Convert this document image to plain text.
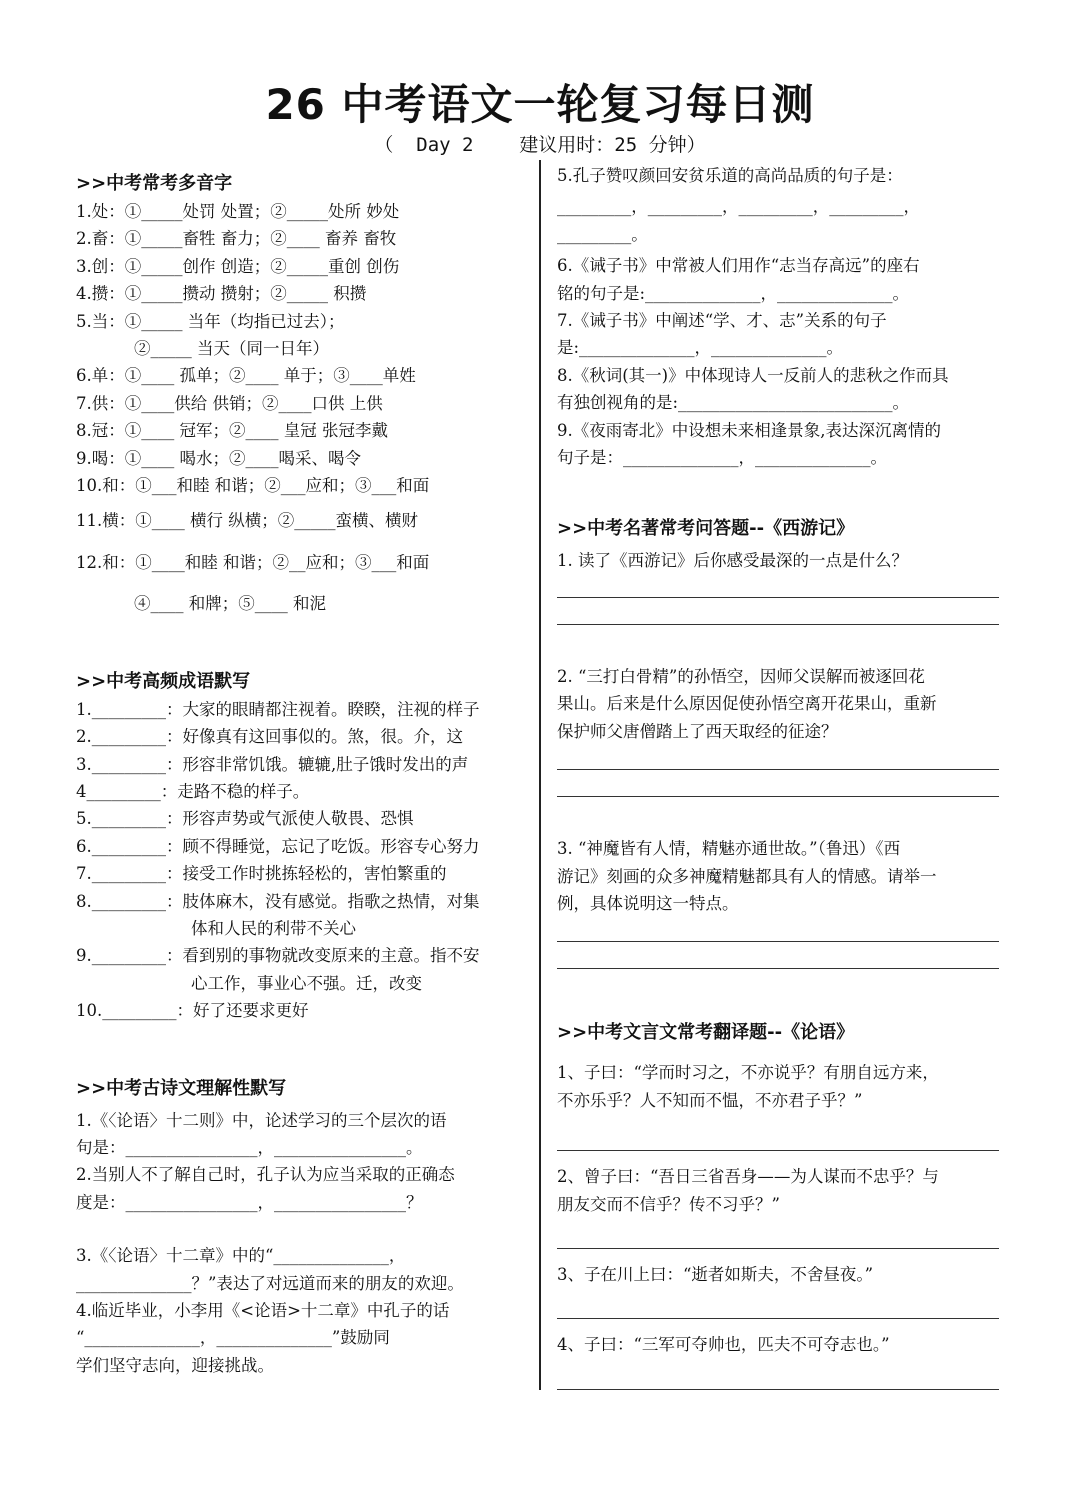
26 中考语文一轮复习每日测
（  Day 2    建议用时：25 分钟）
>>中考常考多音字
1.处：①_____处罚 处置；②_____处所 妙处
2.畜：①_____畜牲 畜力；②____ 畜养 畜牧
3.创：①_____创作 创造；②_____重创 创伤
4.攒：①_____攒动 攒射；②_____ 积攒
5.当：①_____ 当年（均指已过去）；
②_____ 当天（同一日年）
6.单：①____ 孤单；②____ 单于；③____单姓
7.供：①____供给 供销；②____口供 上供
8.冠：①____ 冠军；②____ 皇冠 张冠李戴
9.喝：①____ 喝水；②____喝采、喝令
10.和：①___和睦 和谐；②___应和；③___和面
11.横：①____ 横行 纵横；②_____蛮横、横财
12.和：①____和睦 和谐；②__应和；③___和面
④____ 和牌；⑤____ 和泥
>>中考高频成语默写
1._________ ：大家的眼睛都注视着。睽睽，注视的样子
2._________ ：好像真有这回事似的。煞，很。介，这
3._________ ：形容非常饥饿。辘辘,肚子饿时发出的声
4_________ ：走路不稳的样子。
5._________ ：形容声势或气派使人敬畏、恐惧
6._________ ：顾不得睡觉，忘记了吃饭。形容专心努力
7._________ ：接受工作时挑拣轻松的，害怕繁重的
8._________ ：肢体麻木，没有感觉。指歌之热情，对集
体和人民的利带不关心
9._________ ：看到别的事物就改变原来的主意。指不安
心工作，事业心不强。迁，改变
10._________ ：好了还要求更好
>>中考古诗文理解性默写
1.《〈论语〉十二则》中，论述学习的三个层次的语
句是：________________，________________。
2.当别人不了解自己时，孔子认为应当采取的正确态
度是：________________，________________？
3.《〈论语〉十二章》中的“______________，
______________？”表达了对远道而来的朋友的欢迎。
4.临近毕业，小李用《<论语>十二章》中孔子的话
“______________，______________”鼓励同
学们坚守志向，迎接挑战。
5.孔子赞叹颜回安贫乐道的高尚品质的句子是：
_________，_________，_________，_________，
_________。
6.《诫子书》中常被人们用作“志当存高远”的座右
铭的句子是:______________，______________。
7.《诫子书》中阐述“学、才、志”关系的句子
是:______________，______________。
8.《秋词(其一)》中体现诗人一反前人的悲秋之作而具
有独创视角的是:__________________________。
9.《夜雨寄北》中设想未来相逢景象,表达深沉离情的
句子是：______________，______________。
>>中考名著常考问答题--《西游记》
1. 读了《西游记》后你感受最深的一点是什么？
2. “三打白骨精”的孙悟空，因师父误解而被逐回花
果山。后来是什么原因促使孙悟空离开花果山，重新
保护师父唐僧踏上了西天取经的征途？
3. “神魔皆有人情，精魅亦通世故。”（鲁迅）《西
游记》刻画的众多神魔精魅都具有人的情感。请举一
例，具体说明这一特点。
>>中考文言文常考翻译题--《论语》
1、子曰：“学而时习之，不亦说乎？有朋自远方来，
不亦乐乎？人不知而不愠，不亦君子乎？”
2、曾子曰：“吾日三省吾身——为人谋而不忠乎？与
朋友交而不信乎？传不习乎？”
3、子在川上曰：“逝者如斯夫，不舍昼夜。”
4、子曰：“三军可夺帅也，匹夫不可夺志也。”
